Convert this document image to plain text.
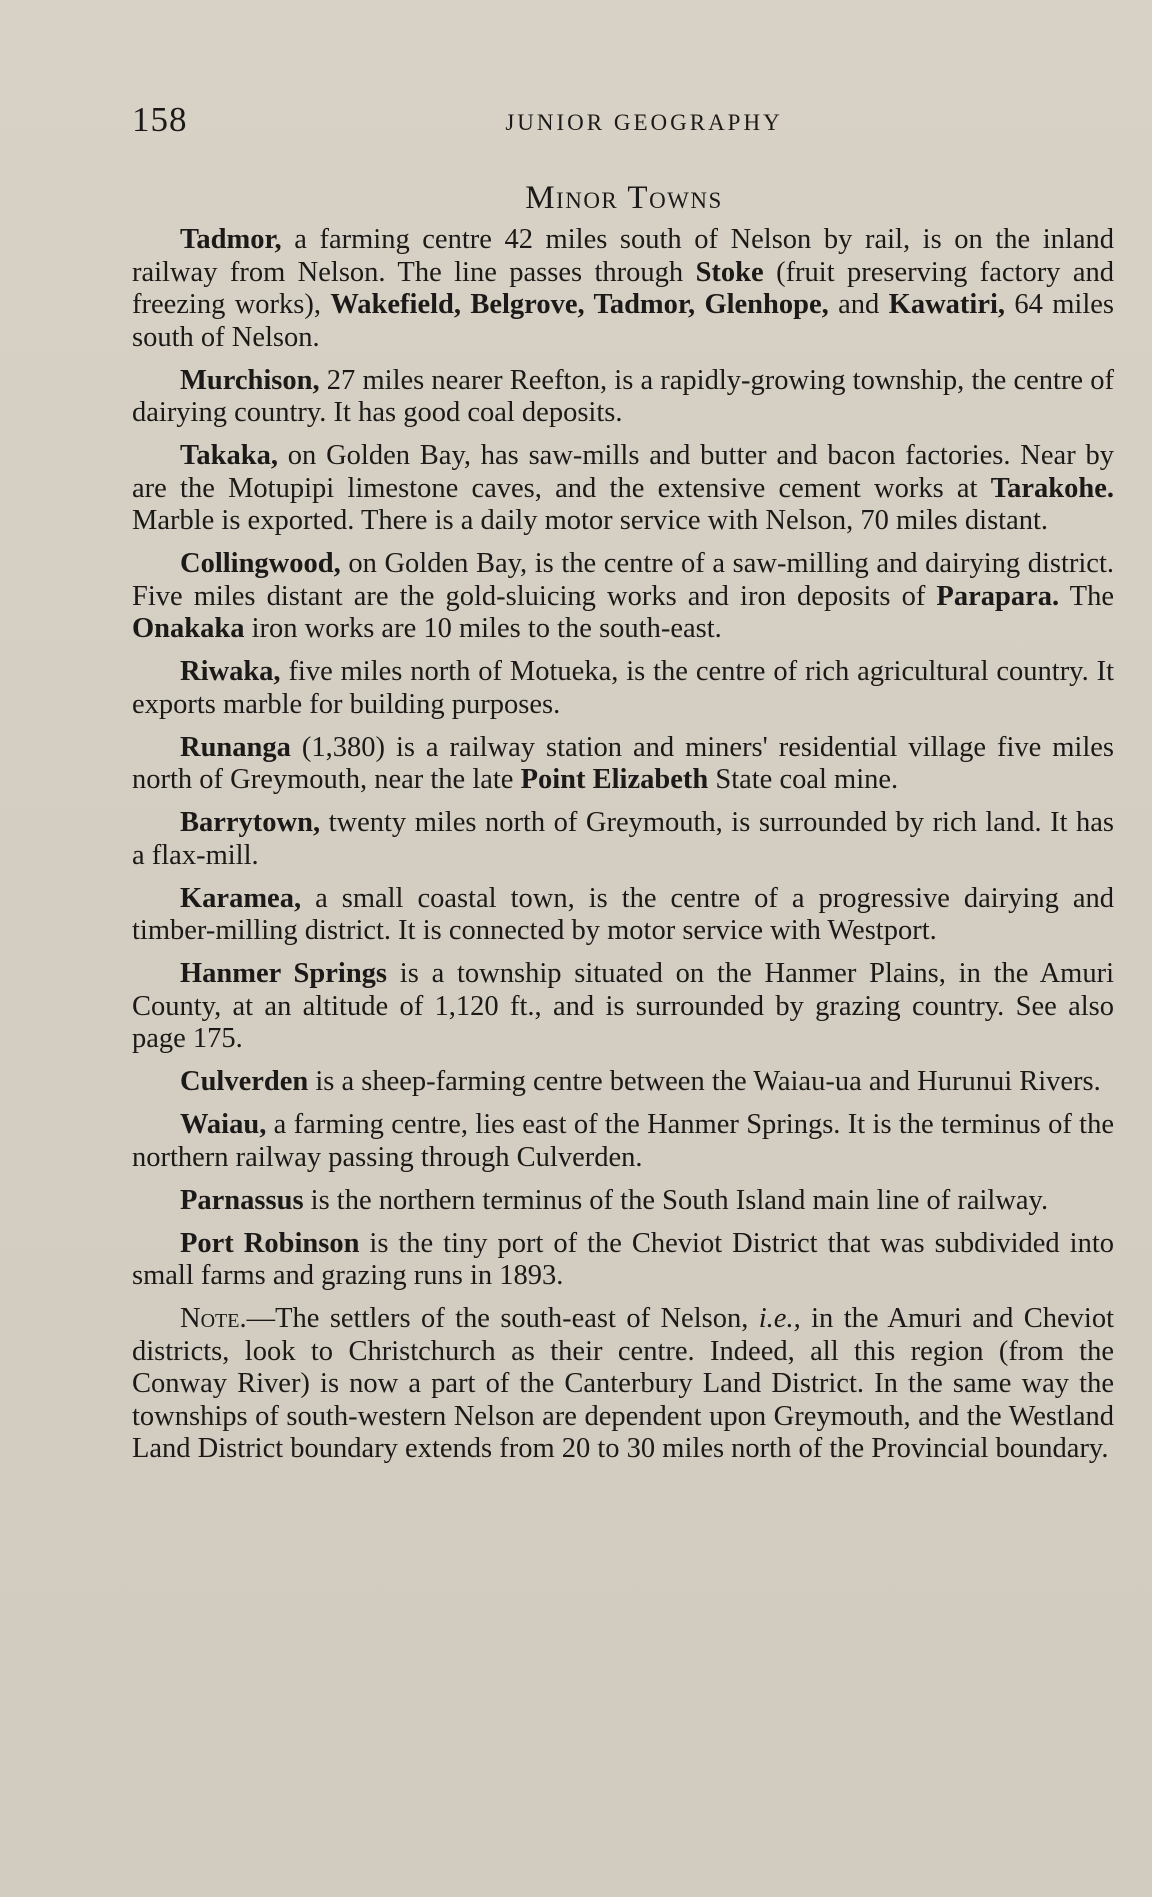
158	JUNIOR GEOGRAPHY
Minor Towns

Tadmor, a farming centre 42 miles south of Nelson by rail, is on the inland railway from Nelson. The line passes through Stoke (fruit preserving factory and freezing works), Wakefield, Belgrove, Tadmor, Glenhope, and Kawatiri, 64 miles south of Nelson.

Murchison, 27 miles nearer Reefton, is a rapidly-growing township, the centre of dairying country. It has good coal deposits.

Takaka, on Golden Bay, has saw-mills and butter and bacon factories. Near by are the Motupipi limestone caves, and the extensive cement works at Tarakohe. Marble is exported. There is a daily motor service with Nelson, 70 miles distant.

Collingwood, on Golden Bay, is the centre of a saw-milling and dairying district. Five miles distant are the gold-sluicing works and iron deposits of Parapara. The Onakaka iron works are 10 miles to the south-east.

Riwaka, five miles north of Motueka, is the centre of rich agricultural country. It exports marble for building purposes.

Runanga (1,380) is a railway station and miners' residential village five miles north of Greymouth, near the late Point Elizabeth State coal mine.

Barrytown, twenty miles north of Greymouth, is surrounded by rich land. It has a flax-mill.

Karamea, a small coastal town, is the centre of a progressive dairying and timber-milling district. It is connected by motor service with Westport.

Hanmer Springs is a township situated on the Hanmer Plains, in the Amuri County, at an altitude of 1,120 ft., and is surrounded by grazing country. See also page 175.

Culverden is a sheep-farming centre between the Waiau-ua and Hurunui Rivers.

Waiau, a farming centre, lies east of the Hanmer Springs. It is the terminus of the northern railway passing through Culverden.

Parnassus is the northern terminus of the South Island main line of railway.

Port Robinson is the tiny port of the Cheviot District that was subdivided into small farms and grazing runs in 1893.

Note.—The settlers of the south-east of Nelson, i.e., in the Amuri and Cheviot districts, look to Christchurch as their centre. Indeed, all this region (from the Conway River) is now a part of the Canterbury Land District. In the same way the townships of south-western Nelson are dependent upon Greymouth, and the Westland Land District boundary extends from 20 to 30 miles north of the Provincial boundary.
